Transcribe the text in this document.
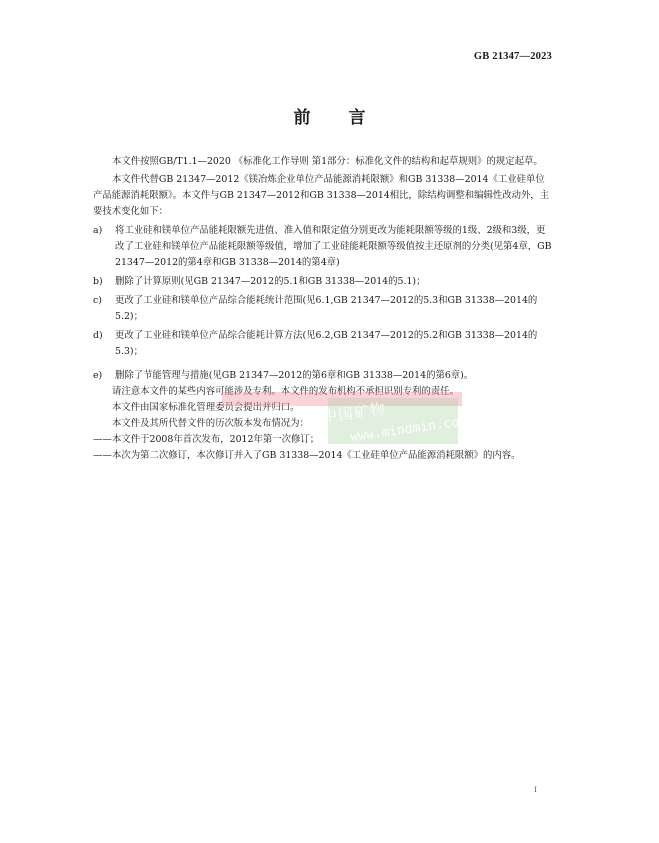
GB 21347—2023
前 言

本文件按照GB/T1.1—2020 《标准化工作导则 第1部分：标准化文件的结构和起草规则》的规定起草。

本文件代替GB 21347—2012《镁冶炼企业单位产品能源消耗限额》和GB 31338—2014《工业硅单位产品能源消耗限额》。本文件与GB 21347—2012和GB 31338—2014相比，除结构调整和编辑性改动外，主要技术变化如下：

a) 将工业硅和镁单位产品能耗限额先进值、准入值和限定值分别更改为能耗限额等级的1级、2级和3级，更改了工业硅和镁单位产品能耗限额等级值，增加了工业硅能耗限额等级值按主还原剂的分类(见第4章，GB 21347—2012的第4章和GB 31338—2014的第4章)
b) 删除了计算原则(见GB 21347—2012的5.1和GB 31338—2014的5.1)；
c) 更改了工业硅和镁单位产品综合能耗统计范围(见6.1,GB 21347—2012的5.3和GB 31338—2014的5.2)；
d) 更改了工业硅和镁单位产品综合能耗计算方法(见6.2,GB 21347—2012的5.2和GB 31338—2014的5.3)；
e) 删除了节能管理与措施(见GB 21347—2012的第6章和GB 31338—2014的第6章)。

请注意本文件的某些内容可能涉及专利。本文件的发布机构不承担识别专利的责任。

本文件由国家标准化管理委员会提出并归口。

本文件及其所代替文件的历次版本发布情况为：

—— 本文件于2008年首次发布，2012年第一次修订；
—— 本次为第二次修订，本次修订并入了GB 31338—2014《工业硅单位产品能源消耗限额》的内容。
中国矿物
www.mindmin.com
I
